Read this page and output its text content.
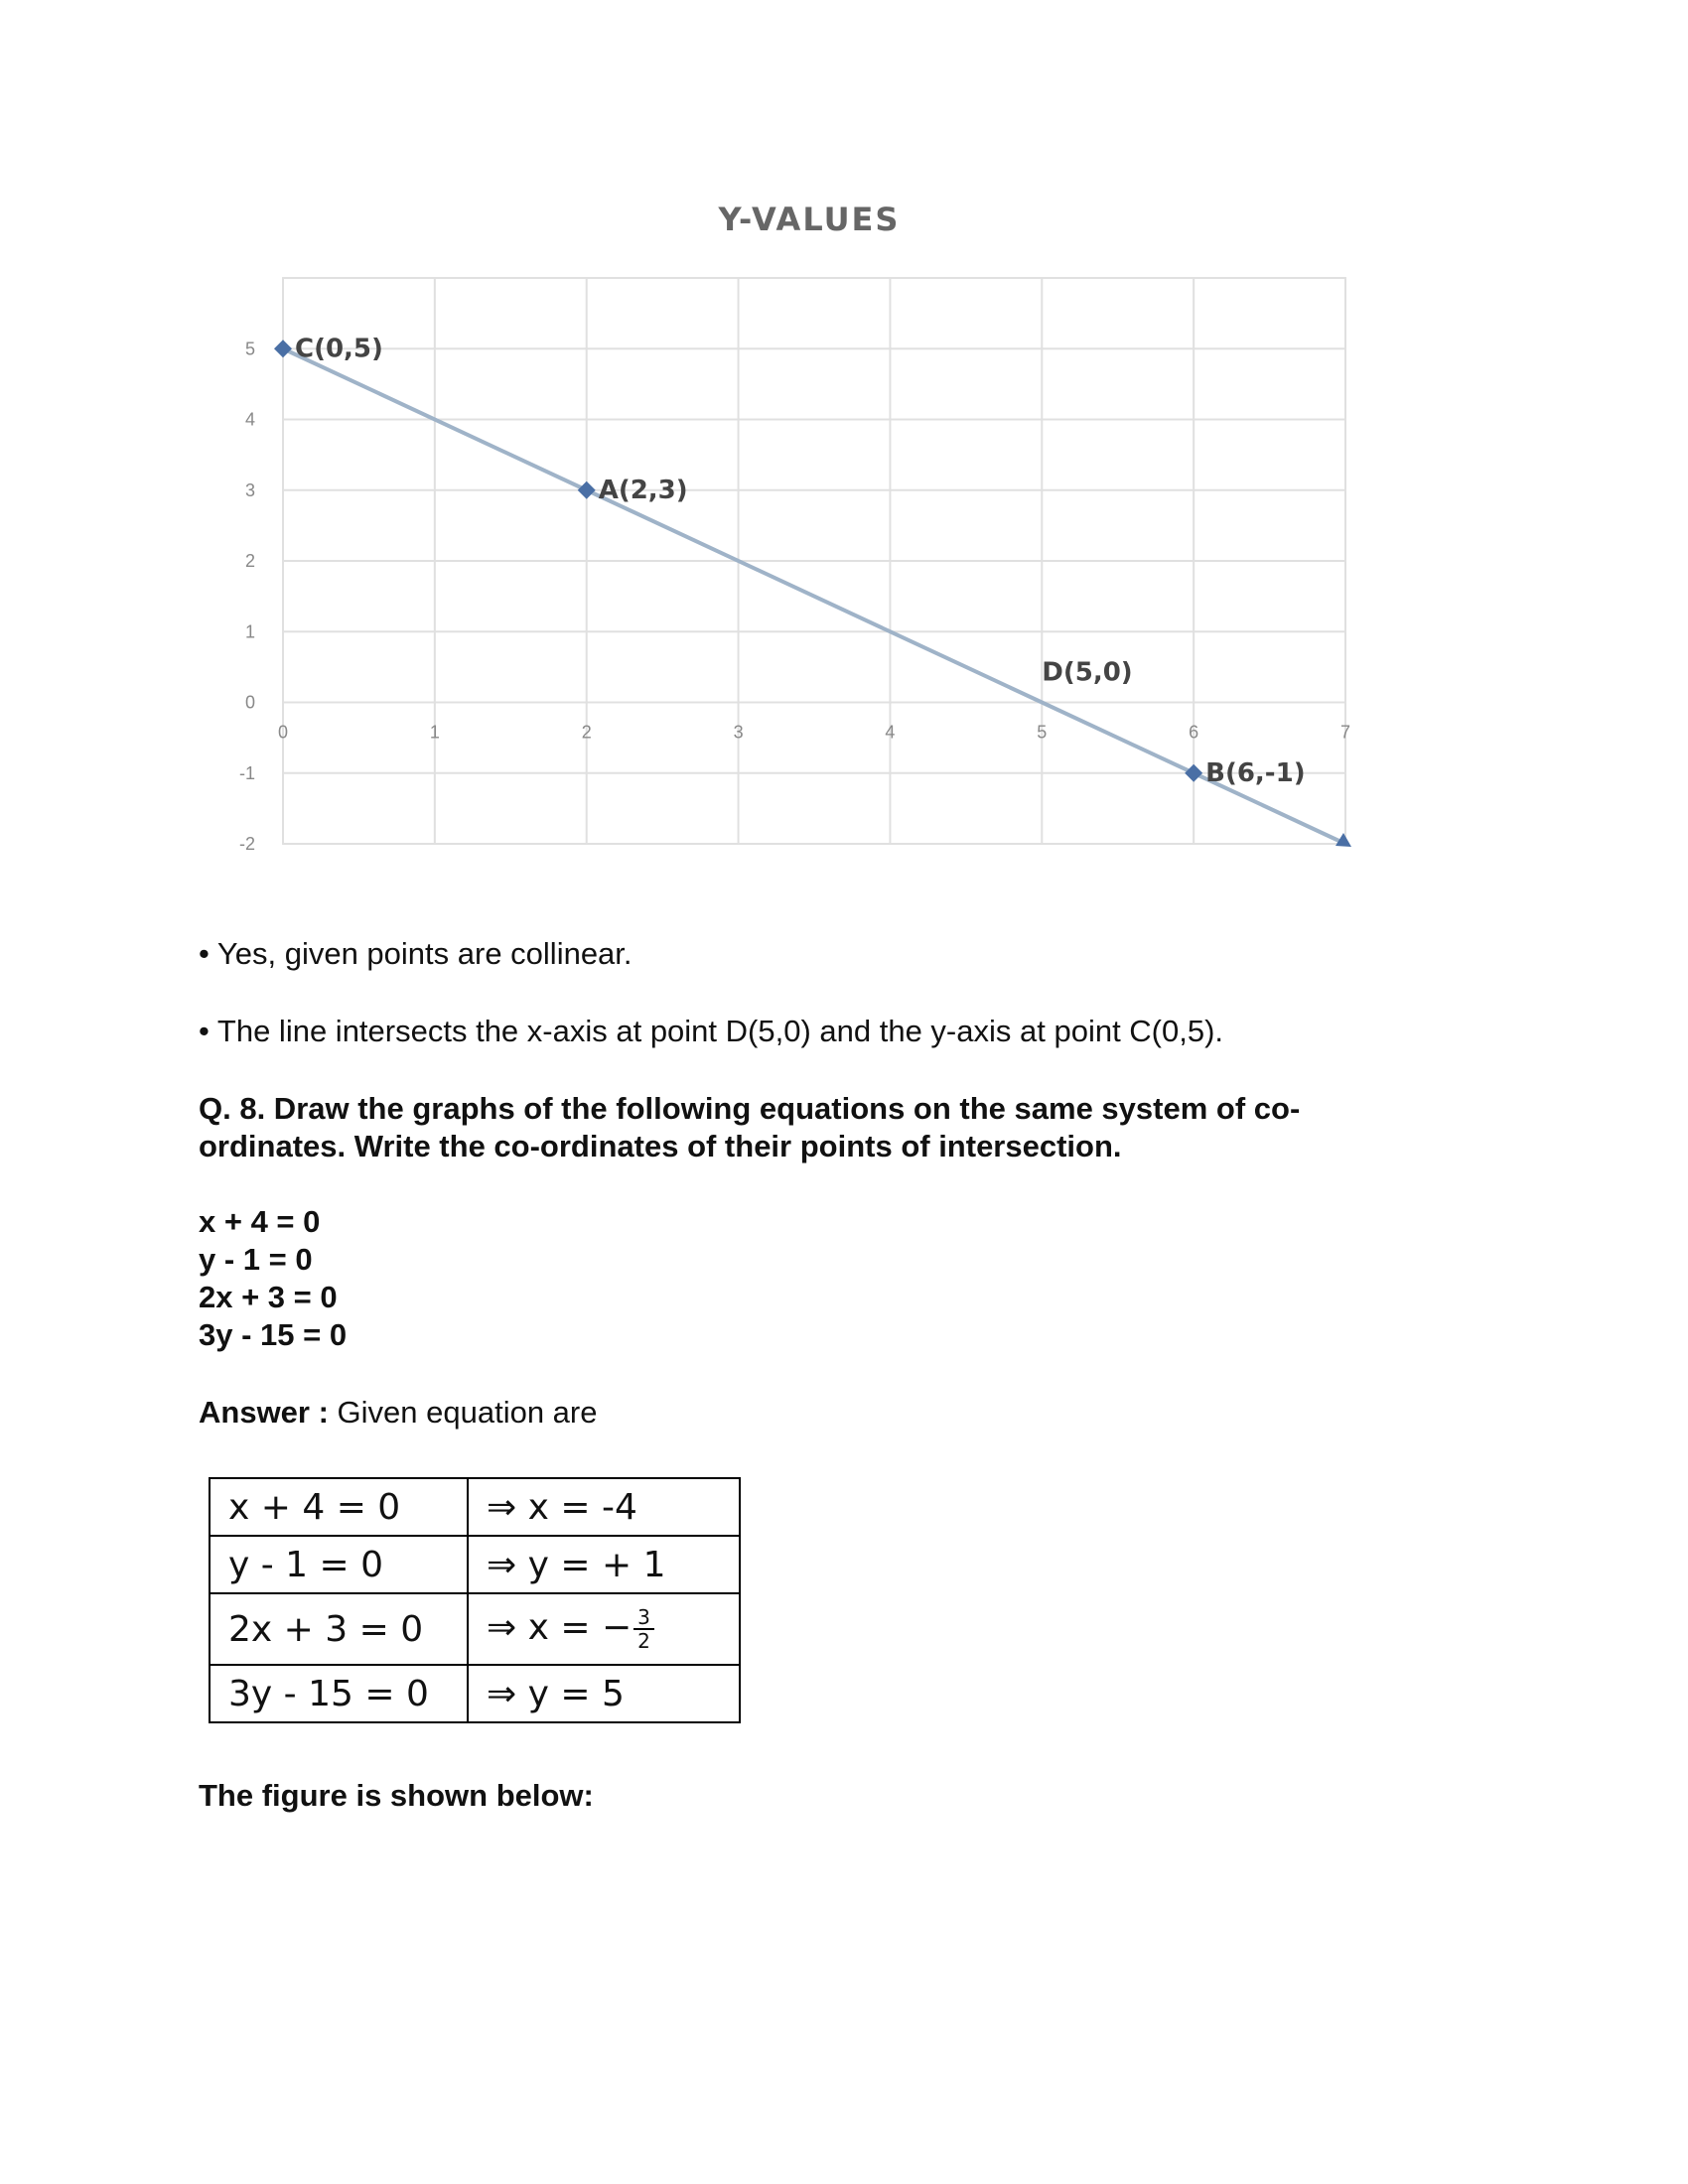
Y-VALUES
0	1	2	3	4	5	6	7
5
4
3
2
1
0
-1
-2
C(0,5)
A(2,3)
D(5,0)
B(6,-1)
• Yes, given points are collinear.
• The line intersects the x-axis at point D(5,0) and the y-axis at point C(0,5).
Q. 8. Draw the graphs of the following equations on the same system of co-
ordinates. Write the co-ordinates of their points of intersection.
x + 4 = 0
y - 1 = 0
2x + 3 = 0
3y - 15 = 0
Answer : Given equation are
x + 4 = 0	⇒ x = -4
y - 1 = 0	⇒ y = + 1
2x + 3 = 0	⇒ x = − $\frac{3}{2}$

3y - 15 = 0	⇒ y = 5
The figure is shown below:
